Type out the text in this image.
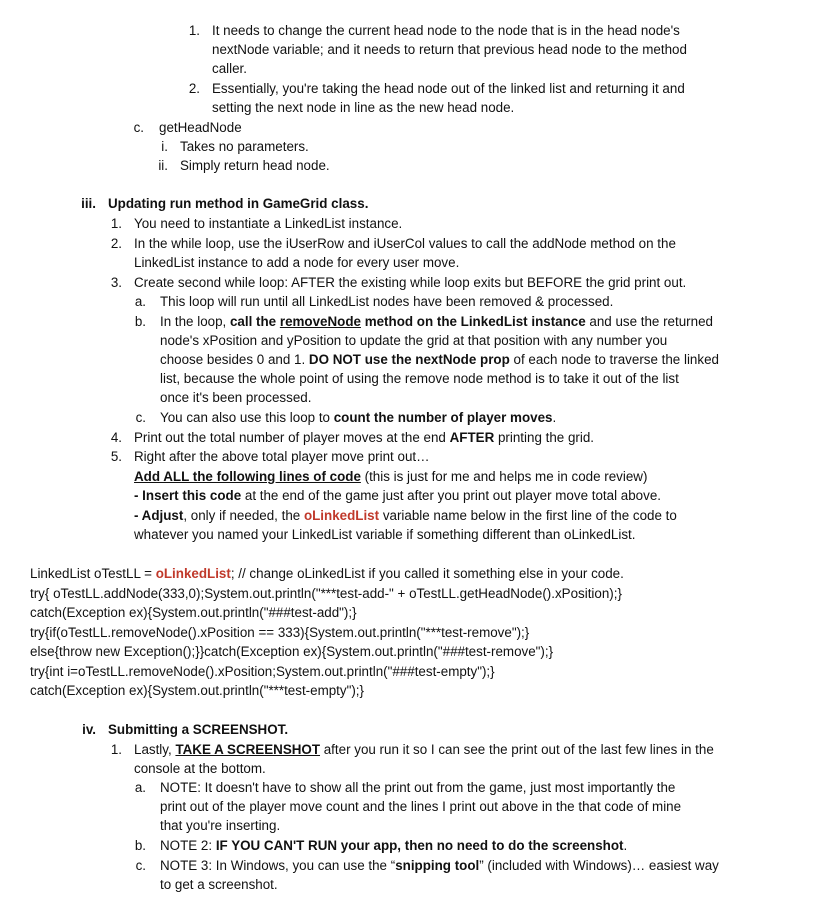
1. It needs to change the current head node to the node that is in the head node's
nextNode variable; and it needs to return that previous head node to the method
caller.
2. Essentially, you're taking the head node out of the linked list and returning it and
setting the next node in line as the new head node.
c. getHeadNode
i. Takes no parameters.
ii. Simply return head node.
iii. Updating run method in GameGrid class.
1. You need to instantiate a LinkedList instance.
2. In the while loop, use the iUserRow and iUserCol values to call the addNode method on the
LinkedList instance to add a node for every user move.
3. Create second while loop: AFTER the existing while loop exits but BEFORE the grid print out.
a. This loop will run until all LinkedList nodes have been removed & processed.
b. In the loop, call the removeNode method on the LinkedList instance and use the returned
node's xPosition and yPosition to update the grid at that position with any number you
choose besides 0 and 1. DO NOT use the nextNode prop of each node to traverse the linked
list, because the whole point of using the remove node method is to take it out of the list
once it's been processed.
c. You can also use this loop to count the number of player moves.
4. Print out the total number of player moves at the end AFTER printing the grid.
5. Right after the above total player move print out…
Add ALL the following lines of code (this is just for me and helps me in code review)
- Insert this code at the end of the game just after you print out player move total above.
- Adjust, only if needed, the oLinkedList variable name below in the first line of the code to
whatever you named your LinkedList variable if something different than oLinkedList.
LinkedList oTestLL = oLinkedList; // change oLinkedList if you called it something else in your code.
try{ oTestLL.addNode(333,0);System.out.println("***test-add-" + oTestLL.getHeadNode().xPosition);}
catch(Exception ex){System.out.println("###test-add");}
try{if(oTestLL.removeNode().xPosition == 333){System.out.println("***test-remove");}
else{throw new Exception();}}catch(Exception ex){System.out.println("###test-remove");}
try{int i=oTestLL.removeNode().xPosition;System.out.println("###test-empty");}
catch(Exception ex){System.out.println("***test-empty");}
iv. Submitting a SCREENSHOT.
1. Lastly, TAKE A SCREENSHOT after you run it so I can see the print out of the last few lines in the
console at the bottom.
a. NOTE: It doesn't have to show all the print out from the game, just most importantly the
print out of the player move count and the lines I print out above in the that code of mine
that you're inserting.
b. NOTE 2: IF YOU CAN'T RUN your app, then no need to do the screenshot.
c. NOTE 3: In Windows, you can use the “snipping tool” (included with Windows)… easiest way
to get a screenshot.
